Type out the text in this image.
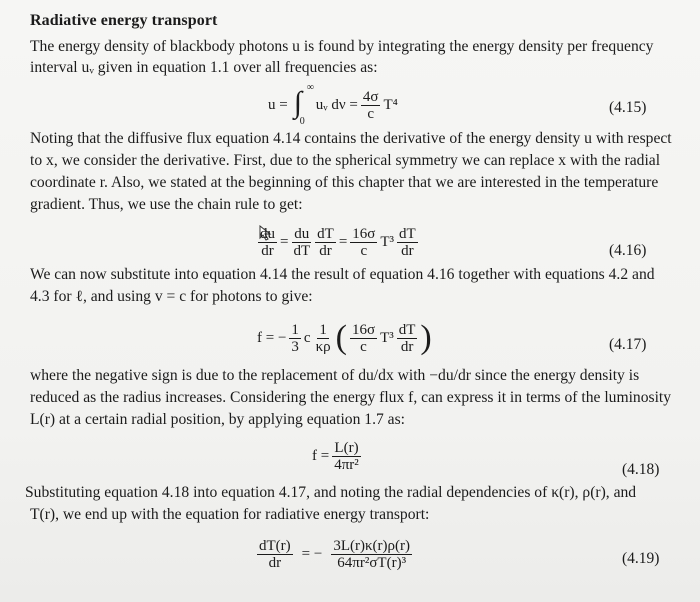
Radiative energy transport
The energy density of blackbody photons u is found by integrating the energy density per frequency
interval uᵥ given in equation 1.1 over all frequencies as:
u = ∫ ∞
0
uᵥ $d\nu = \frac{4\sigma}{c} T^4$	(4.15)
Noting that the diffusive flux equation 4.14 contains the derivative of the energy density u with respect
to x, we consider the derivative. First, due to the spherical symmetry we can replace x with the radial
coordinate r. Also, we stated at the beginning of this chapter that we are interested in the temperature
gradient. Thus, we use the chain rule to get:
$\frac{du}{dr} = \frac{du}{dT} \frac{dT}{dr} = \frac{16\sigma}{c} T^3 \frac{dT}{dr}$	(4.16)
We can now substitute into equation 4.14 the result of equation 4.16 together with equations 4.2 and
4.3 for ℓ, and using v = c for photons to give:
f = − $\frac{1}{3}$ c $\frac{1}{\kappa\rho}$ ( $\frac{16\sigma}{c} T^3 \frac{dT}{dr}$ )	(4.17)
where the negative sign is due to the replacement of du/dx with −du/dr since the energy density is
reduced as the radius increases. Considering the energy flux f, can express it in terms of the luminosity
L(r) at a certain radial position, by applying equation 1.7 as:
$f = \frac{L(r)}{\text{4πr²}}$	(4.18)
Substituting equation 4.18 into equation 4.17, and noting the radial dependencies of κ(r), ρ(r), and
T(r), we end up with the equation for radiative energy transport:
$\frac{dT(r)}{dr}$ = − $\frac{3L(r)\kappa(r)\rho(r)}{\text{64πr²σT(r)³}}$	(4.19)
